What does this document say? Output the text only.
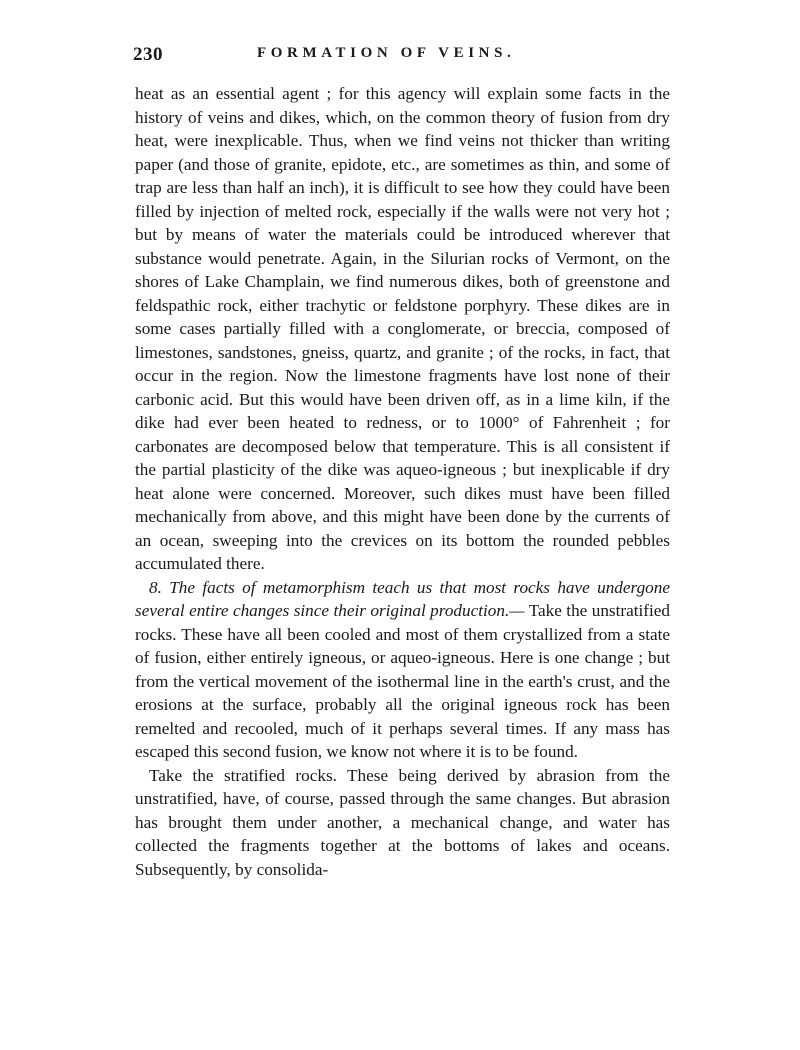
230	FORMATION OF VEINS.

heat as an essential agent ; for this agency will explain some facts in the history of veins and dikes, which, on the common theory of fusion from dry heat, were inexplicable. Thus, when we find veins not thicker than writing paper (and those of granite, epidote, etc., are sometimes as thin, and some of trap are less than half an inch), it is difficult to see how they could have been filled by injection of melted rock, especially if the walls were not very hot ; but by means of water the materials could be introduced wherever that substance would penetrate. Again, in the Silurian rocks of Vermont, on the shores of Lake Champlain, we find numerous dikes, both of greenstone and feldspathic rock, either trachytic or feldstone porphyry. These dikes are in some cases partially filled with a conglomerate, or breccia, composed of limestones, sandstones, gneiss, quartz, and granite ; of the rocks, in fact, that occur in the region. Now the limestone fragments have lost none of their carbonic acid. But this would have been driven off, as in a lime kiln, if the dike had ever been heated to redness, or to 1000° of Fahrenheit ; for carbonates are decomposed below that temperature. This is all consistent if the partial plasticity of the dike was aqueo-igneous ; but inexplicable if dry heat alone were concerned. Moreover, such dikes must have been filled mechanically from above, and this might have been done by the currents of an ocean, sweeping into the crevices on its bottom the rounded pebbles accumulated there.

8. The facts of metamorphism teach us that most rocks have undergone several entire changes since their original production.— Take the unstratified rocks. These have all been cooled and most of them crystallized from a state of fusion, either entirely igneous, or aqueo-igneous. Here is one change ; but from the vertical movement of the isothermal line in the earth's crust, and the erosions at the surface, probably all the original igneous rock has been remelted and recooled, much of it perhaps several times. If any mass has escaped this second fusion, we know not where it is to be found.

Take the stratified rocks. These being derived by abrasion from the unstratified, have, of course, passed through the same changes. But abrasion has brought them under another, a mechanical change, and water has collected the fragments together at the bottoms of lakes and oceans. Subsequently, by consolida-
